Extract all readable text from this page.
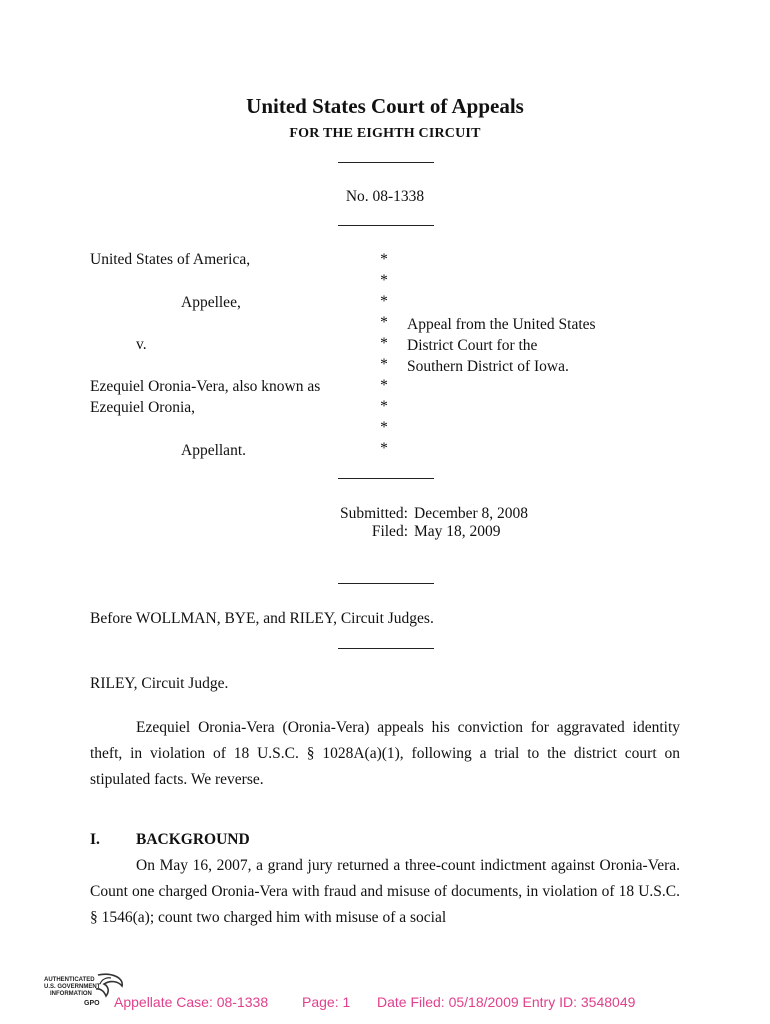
United States Court of Appeals
FOR THE EIGHTH CIRCUIT
No. 08-1338
United States of America,
Appellee,
v.
Ezequiel Oronia-Vera, also known as
Ezequiel Oronia,
Appellant.
*
*
*
*
*
*
*
*
*
*
Appeal from the United States
District Court for the
Southern District of Iowa.
Submitted: December 8, 2008
Filed: May 18, 2009
Before WOLLMAN, BYE, and RILEY, Circuit Judges.
RILEY, Circuit Judge.
Ezequiel Oronia-Vera (Oronia-Vera) appeals his conviction for aggravated identity theft, in violation of 18 U.S.C. § 1028A(a)(1), following a trial to the district court on stipulated facts. We reverse.
I. BACKGROUND
On May 16, 2007, a grand jury returned a three-count indictment against Oronia-Vera. Count one charged Oronia-Vera with fraud and misuse of documents, in violation of 18 U.S.C. § 1546(a); count two charged him with misuse of a social
AUTHENTICATED
U.S. GOVERNMENT
INFORMATION
GPO Appellate Case: 08-1338 Page: 1 Date Filed: 05/18/2009 Entry ID: 3548049
